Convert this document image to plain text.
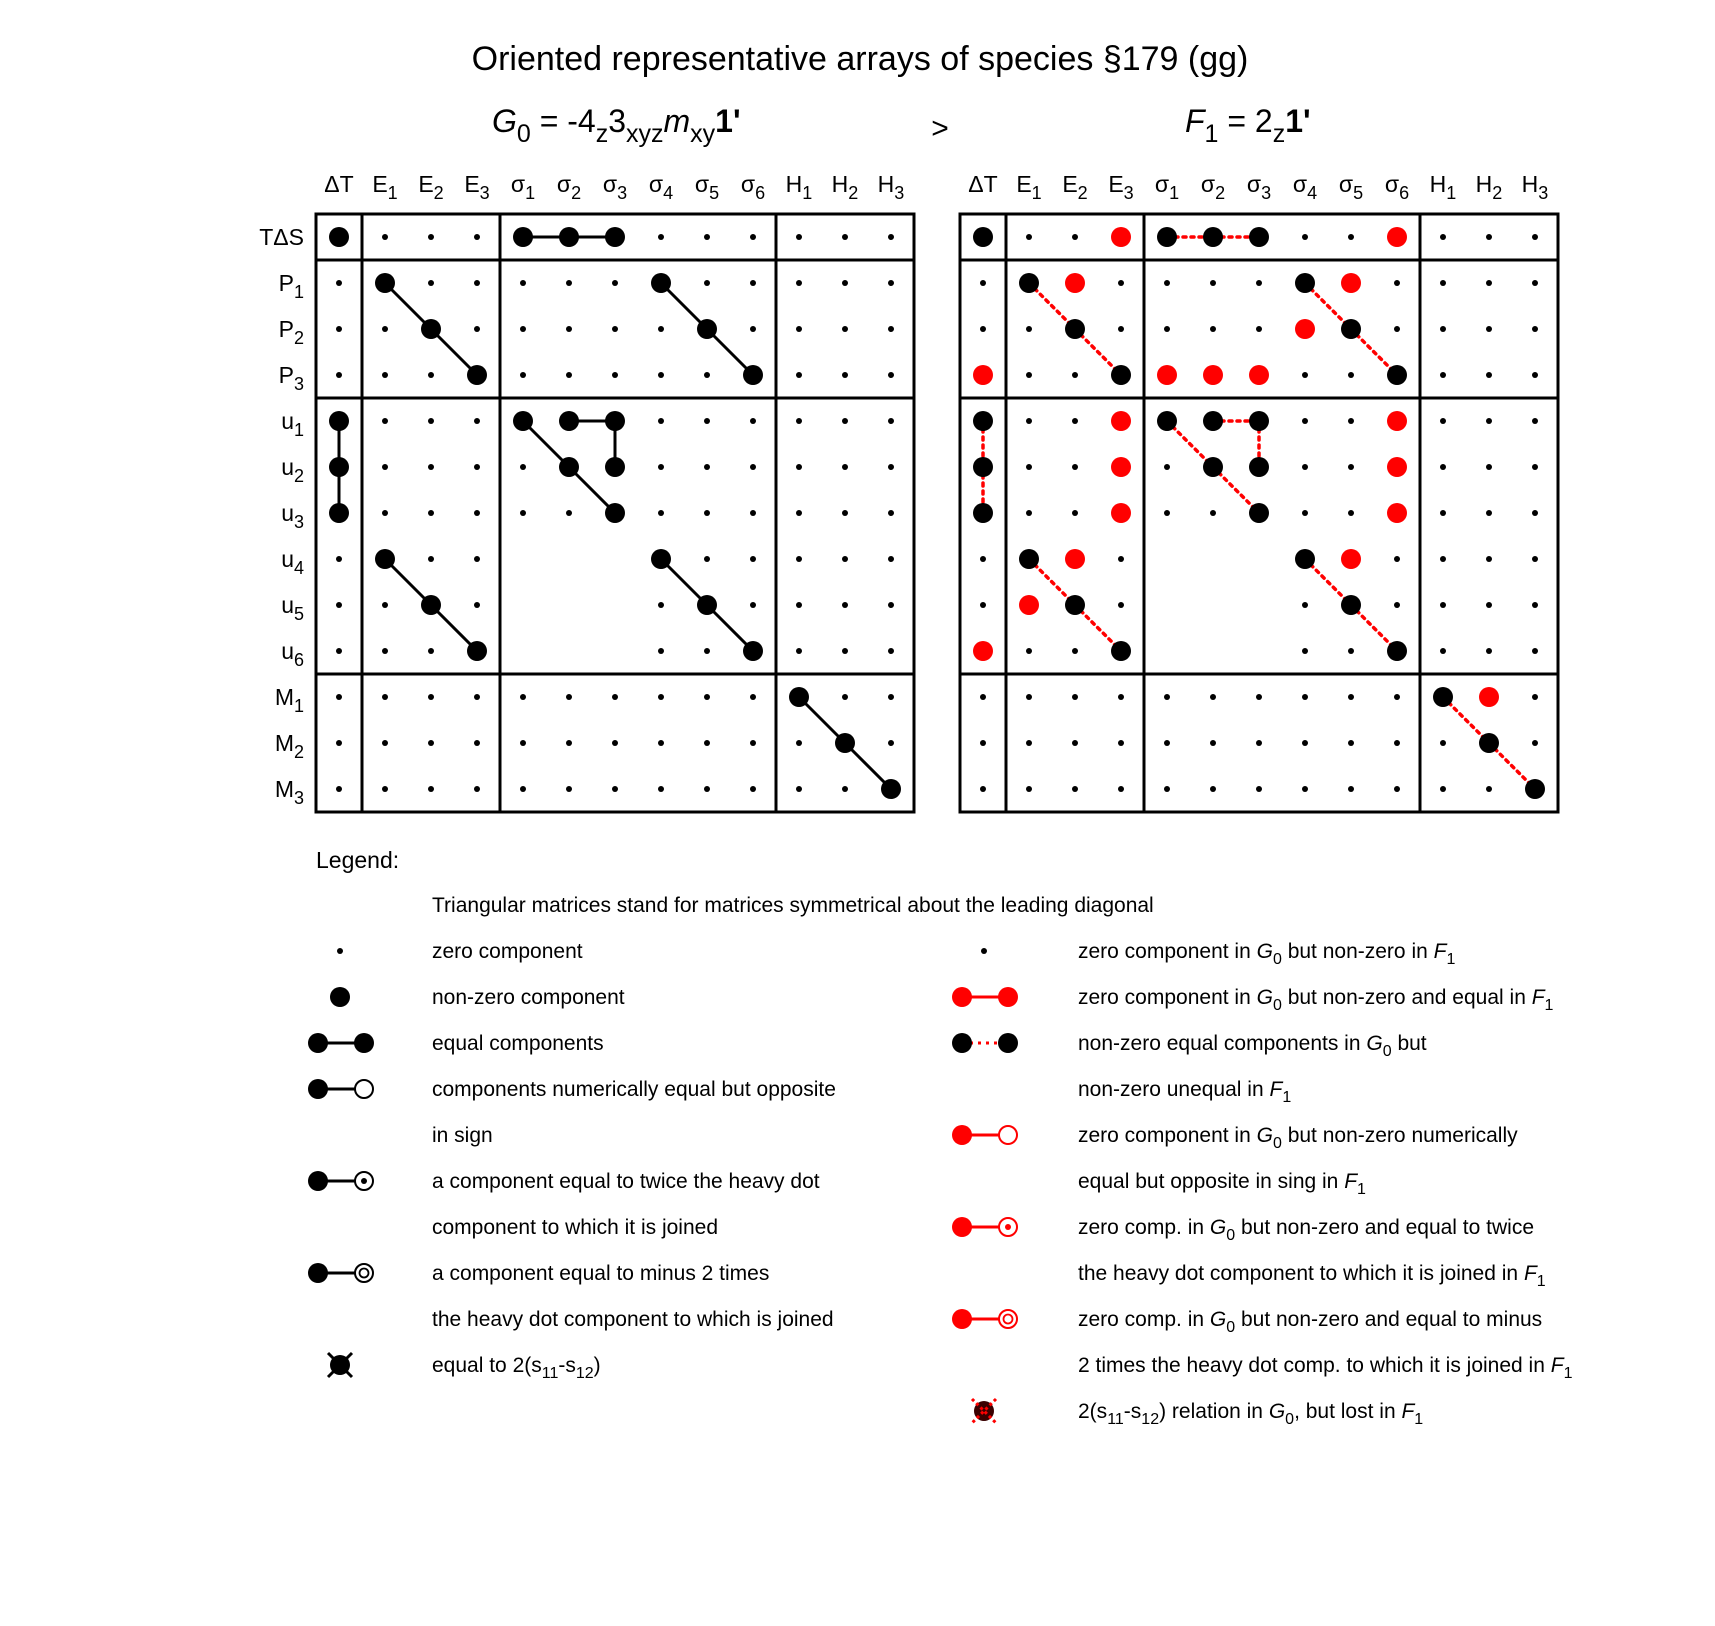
Oriented representative arrays of species §179 (gg)
>
G0 = -4z3xyzmxy1'	F1 = 2z1'
ΔT E1 E2 E3 σ1 σ2 σ3 σ4 σ5 σ6 H1 H2 H3
TΔS
P1
P2
P3
u1
u2
u3
u4
u5
u6
M1
M2
M3
ΔT E1 E2 E3 σ1 σ2 σ3 σ4 σ5 σ6 H1 H2 H3
Legend:
Triangular matrices stand for matrices symmetrical about the leading diagonal
zero component
non-zero component
equal components
components numerically equal but opposite
in sign
a component equal to twice the heavy dot
component to which it is joined
a component equal to minus 2 times
the heavy dot component to which is joined
equal to 2(s11-s12)
zero component in G0 but non-zero in F1
zero component in G0 but non-zero and equal in F1
non-zero equal components in G0 but
non-zero unequal in F1
zero component in G0 but non-zero numerically
equal but opposite in sing in F1
zero comp. in G0 but non-zero and equal to twice
the heavy dot component to which it is joined in F1
zero comp. in G0 but non-zero and equal to minus
2 times the heavy dot comp. to which it is joined in F1
2(s11-s12) relation in G0, but lost in F1
